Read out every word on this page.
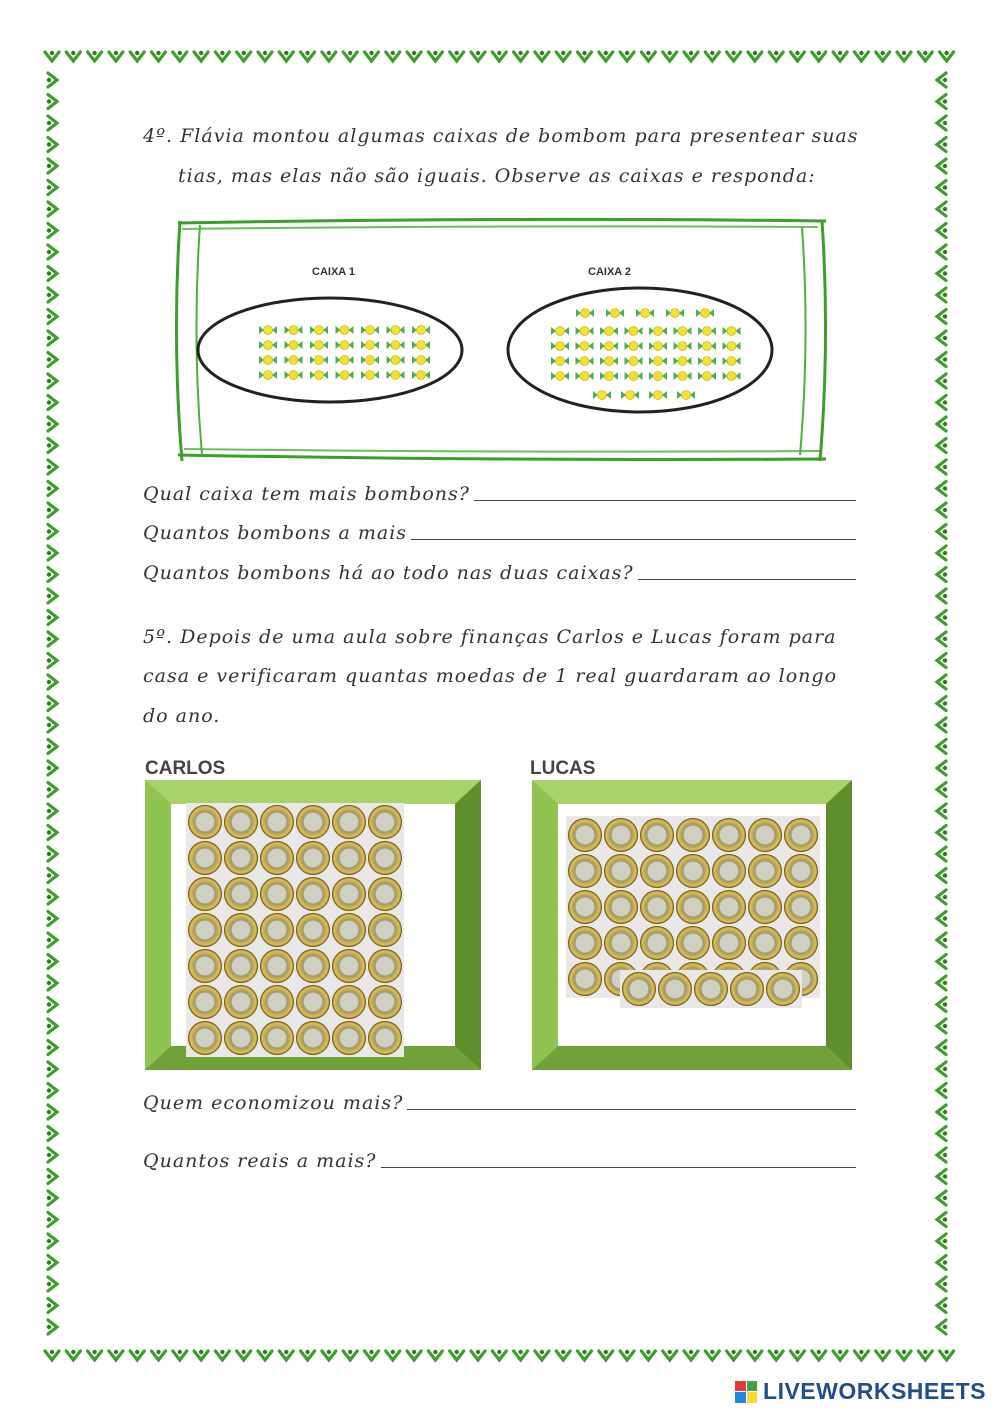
4º. Flávia montou algumas caixas de bombom para presentear suas

tias, mas elas não são iguais. Observe as caixas e responda:

CAIXA 1	CAIXA 2
Qual caixa tem mais bombons?
Quantos bombons a mais
Quantos bombons há ao todo nas duas caixas?

5º. Depois de uma aula sobre finanças Carlos e Lucas foram para

casa e verificaram quantas moedas de 1 real guardaram ao longo

do ano.

CARLOS	LUCAS
Quem economizou mais?
Quantos reais a mais?
LIVEWORKSHEETS
